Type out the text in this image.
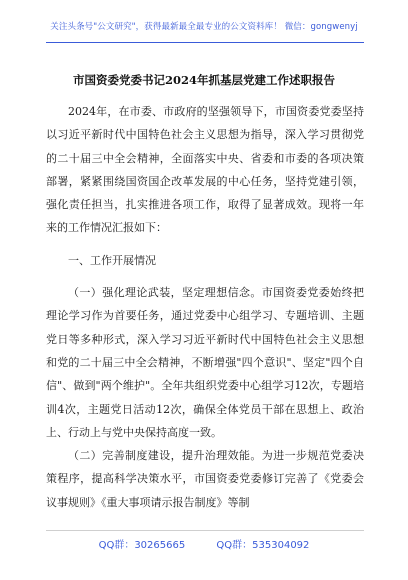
关注头条号"公文研究"，获得最新最全最专业的公文资料库！ 微信：gongwenyj
市国资委党委书记2024年抓基层党建工作述职报告

2024年，在市委、市政府的坚强领导下，市国资委党委坚持以习近平新时代中国特色社会主义思想为指导，深入学习贯彻党的二十届三中全会精神，全面落实中央、省委和市委的各项决策部署，紧紧围绕国资国企改革发展的中心任务，坚持党建引领，强化责任担当，扎实推进各项工作，取得了显著成效。现将一年来的工作情况汇报如下：

一、工作开展情况

（一）强化理论武装，坚定理想信念。市国资委党委始终把理论学习作为首要任务，通过党委中心组学习、专题培训、主题党日等多种形式，深入学习习近平新时代中国特色社会主义思想和党的二十届三中全会精神，不断增强"四个意识"、坚定"四个自信"、做到"两个维护"。全年共组织党委中心组学习12次，专题培训4次，主题党日活动12次，确保全体党员干部在思想上、政治上、行动上与党中央保持高度一致。

（二）完善制度建设，提升治理效能。为进一步规范党委决策程序，提高科学决策水平，市国资委党委修订完善了《党委会议事规则》《重大事项请示报告制度》等制

QQ群：30265665	QQ群：535304092
